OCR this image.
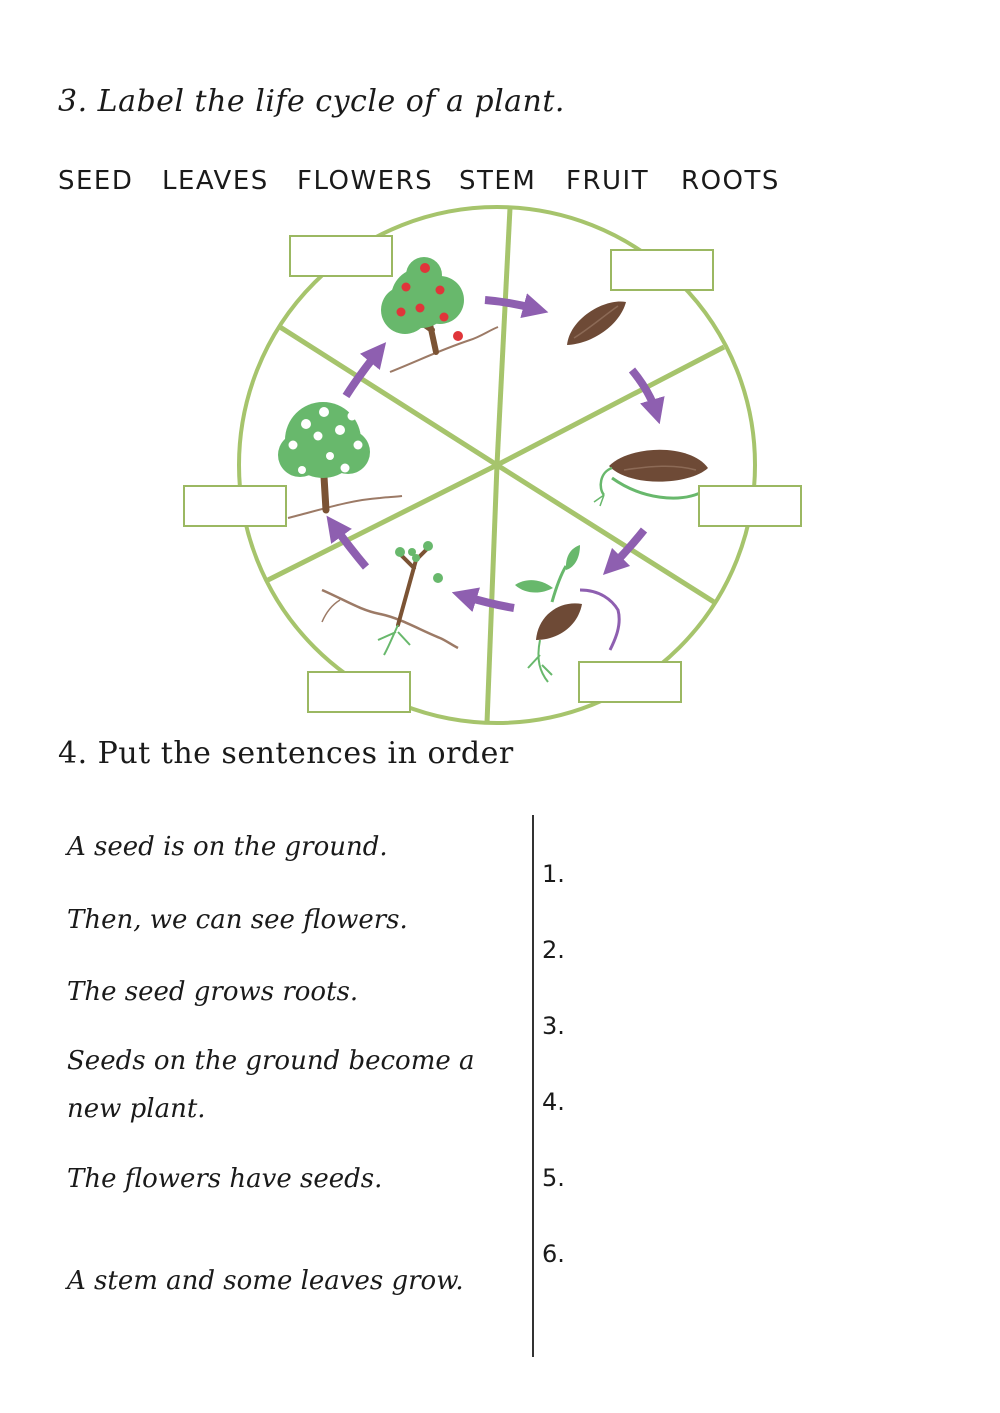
3. Label the life cycle of a plant.
SEED LEAVES FLOWERS STEM FRUIT ROOTS
4. Put the sentences in order
A seed is on the ground.
Then, we can see flowers.
The seed grows roots.
Seeds on the ground become a new plant.
The flowers have seeds.
A stem and some leaves grow.
1.
2.
3.
4.
5.
6.
